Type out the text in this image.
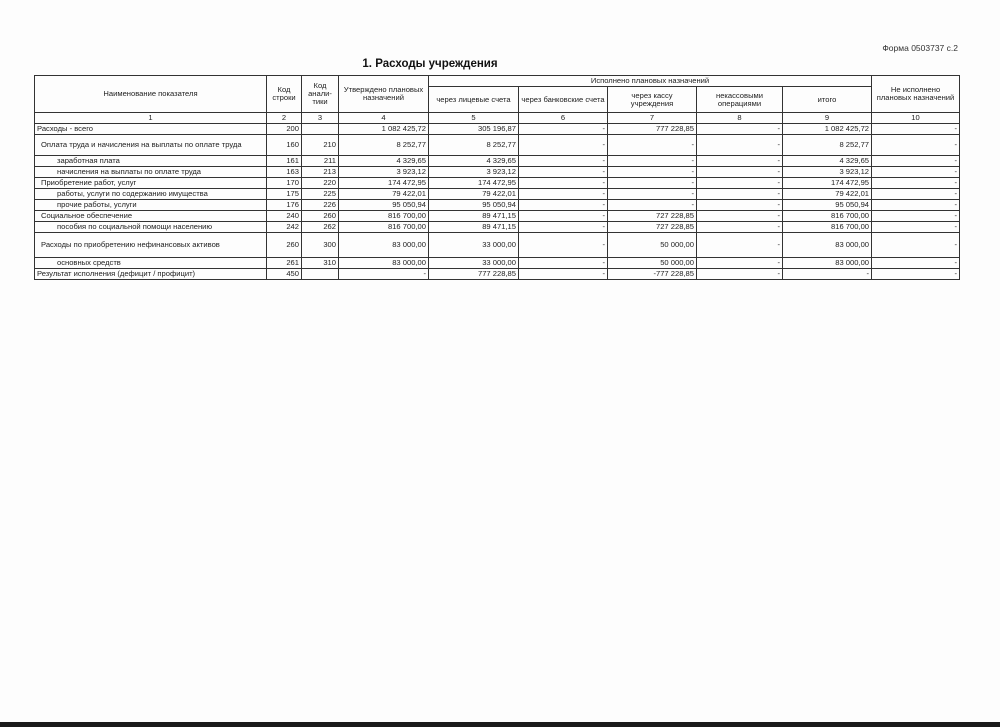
Форма 0503737 с.2
1. Расходы учреждения
Наименование показателя	Код строки	Код анали-тики	Утверждено плановых назначений	Исполнено плановых назначений					Не исполнено плановых назначений
				через лицевые счета	через банковские счета	через кассу учреждения	некассовыми операциями	итого	
1	2	3	4	5	6	7	8	9	10
Расходы - всего	200		1 082 425,72	305 196,87	-	777 228,85	-	1 082 425,72	-
Оплата труда и начисления на выплаты по оплате труда	160	210	8 252,77	8 252,77	-	-	-	8 252,77	-
заработная плата	161	211	4 329,65	4 329,65	-	-	-	4 329,65	-
начисления на выплаты по оплате труда	163	213	3 923,12	3 923,12	-	-	-	3 923,12	-
Приобретение работ, услуг	170	220	174 472,95	174 472,95	-	-	-	174 472,95	-
работы, услуги по содержанию имущества	175	225	79 422,01	79 422,01	-	-	-	79 422,01	-
прочие работы, услуги	176	226	95 050,94	95 050,94	-	-	-	95 050,94	-
Социальное обеспечение	240	260	816 700,00	89 471,15	-	727 228,85	-	816 700,00	-
пособия по социальной помощи населению	242	262	816 700,00	89 471,15	-	727 228,85	-	816 700,00	-
Расходы по приобретению нефинансовых активов	260	300	83 000,00	33 000,00	-	50 000,00	-	83 000,00	-
основных средств	261	310	83 000,00	33 000,00	-	50 000,00	-	83 000,00	-
Результат исполнения (дефицит / профицит)	450		-	777 228,85	-	-777 228,85	-	-	-
